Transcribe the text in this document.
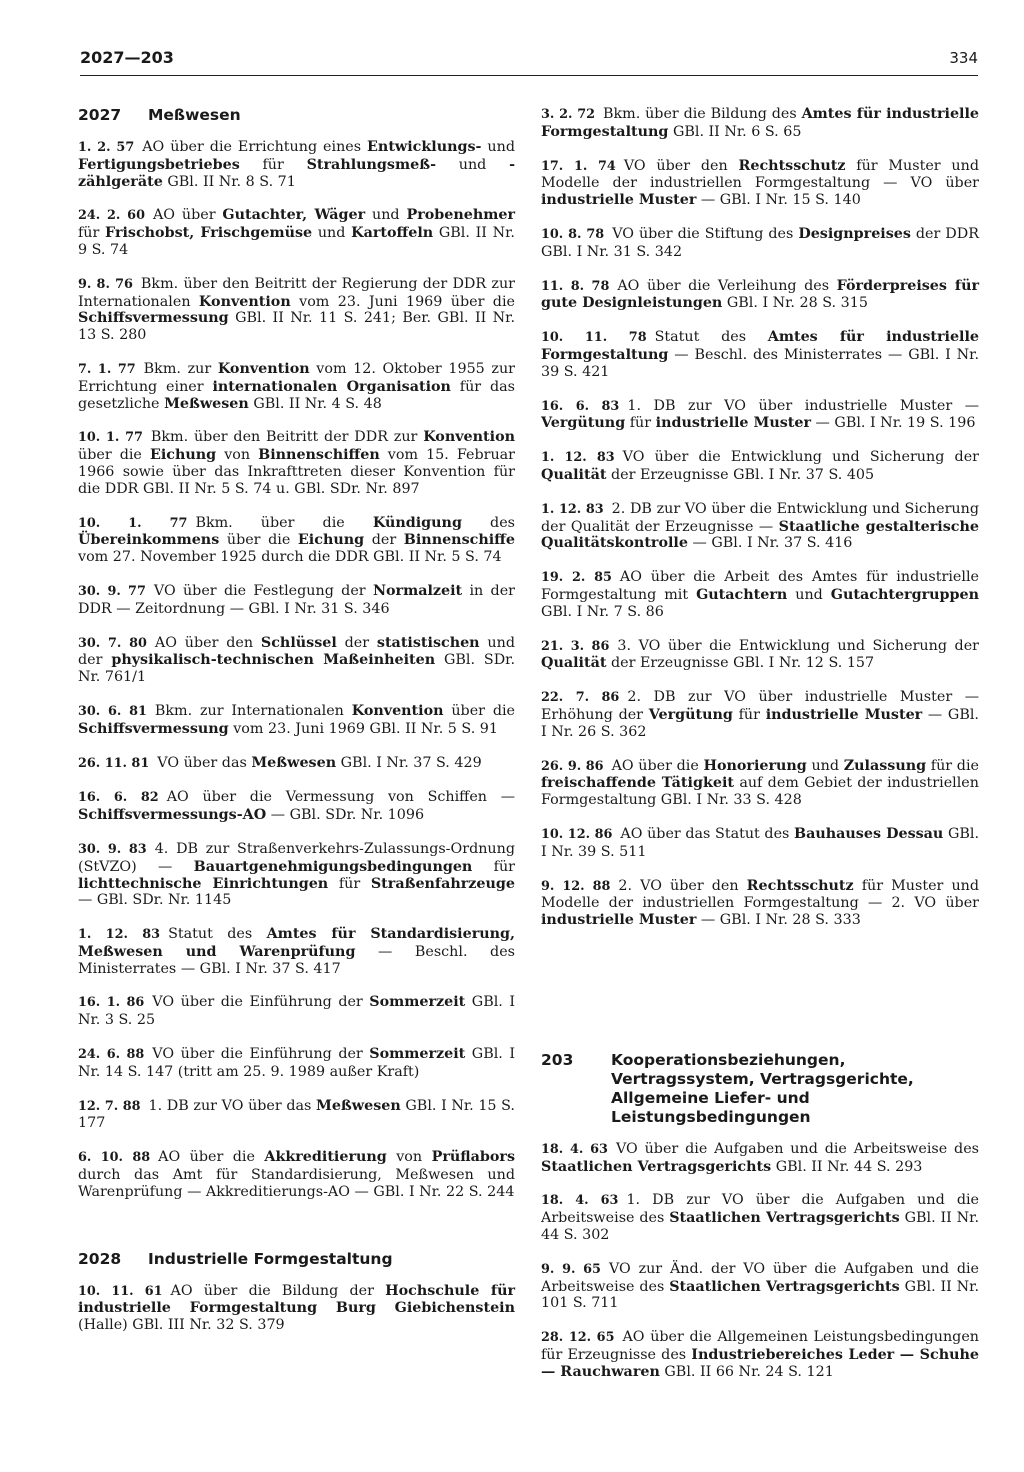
2027—203	334
2027	Meßwesen
1. 2. 57 AO über die Errichtung eines Entwicklungs- und Fertigungsbetriebes für Strahlungsmeß- und -zählgeräte GBl. II Nr. 8 S. 71
24. 2. 60 AO über Gutachter, Wäger und Probenehmer für Frischobst, Frischgemüse und Kartoffeln GBl. II Nr. 9 S. 74
9. 8. 76 Bkm. über den Beitritt der Regierung der DDR zur Internationalen Konvention vom 23. Juni 1969 über die Schiffsvermessung GBl. II Nr. 11 S. 241; Ber. GBl. II Nr. 13 S. 280
7. 1. 77 Bkm. zur Konvention vom 12. Oktober 1955 zur Errichtung einer internationalen Organisation für das gesetzliche Meßwesen GBl. II Nr. 4 S. 48
10. 1. 77 Bkm. über den Beitritt der DDR zur Konvention über die Eichung von Binnenschiffen vom 15. Februar 1966 sowie über das Inkrafttreten dieser Konvention für die DDR GBl. II Nr. 5 S. 74 u. GBl. SDr. Nr. 897
10. 1. 77 Bkm. über die Kündigung des Übereinkommens über die Eichung der Binnenschiffe vom 27. November 1925 durch die DDR GBl. II Nr. 5 S. 74
30. 9. 77 VO über die Festlegung der Normalzeit in der DDR — Zeitordnung — GBl. I Nr. 31 S. 346
30. 7. 80 AO über den Schlüssel der statistischen und der physikalisch-technischen Maßeinheiten GBl. SDr. Nr. 761/1
30. 6. 81 Bkm. zur Internationalen Konvention über die Schiffsvermessung vom 23. Juni 1969 GBl. II Nr. 5 S. 91
26. 11. 81 VO über das Meßwesen GBl. I Nr. 37 S. 429
16. 6. 82 AO über die Vermessung von Schiffen — Schiffsvermessungs-AO — GBl. SDr. Nr. 1096
30. 9. 83 4. DB zur Straßenverkehrs-Zulassungs-Ordnung (StVZO) — Bauartgenehmigungsbedingungen für lichttechnische Einrichtungen für Straßenfahrzeuge — GBl. SDr. Nr. 1145
1. 12. 83 Statut des Amtes für Standardisierung, Meßwesen und Warenprüfung — Beschl. des Ministerrates — GBl. I Nr. 37 S. 417
16. 1. 86 VO über die Einführung der Sommerzeit GBl. I Nr. 3 S. 25
24. 6. 88 VO über die Einführung der Sommerzeit GBl. I Nr. 14 S. 147 (tritt am 25. 9. 1989 außer Kraft)
12. 7. 88 1. DB zur VO über das Meßwesen GBl. I Nr. 15 S. 177
6. 10. 88 AO über die Akkreditierung von Prüflabors durch das Amt für Standardisierung, Meßwesen und Warenprüfung — Akkreditierungs-AO — GBl. I Nr. 22 S. 244
2028	Industrielle Formgestaltung
10. 11. 61 AO über die Bildung der Hochschule für industrielle Formgestaltung Burg Giebichenstein (Halle) GBl. III Nr. 32 S. 379
3. 2. 72 Bkm. über die Bildung des Amtes für industrielle Formgestaltung GBl. II Nr. 6 S. 65
17. 1. 74 VO über den Rechtsschutz für Muster und Modelle der industriellen Formgestaltung — VO über industrielle Muster — GBl. I Nr. 15 S. 140
10. 8. 78 VO über die Stiftung des Designpreises der DDR GBl. I Nr. 31 S. 342
11. 8. 78 AO über die Verleihung des Förderpreises für gute Designleistungen GBl. I Nr. 28 S. 315
10. 11. 78 Statut des Amtes für industrielle Formgestaltung — Beschl. des Ministerrates — GBl. I Nr. 39 S. 421
16. 6. 83 1. DB zur VO über industrielle Muster — Vergütung für industrielle Muster — GBl. I Nr. 19 S. 196
1. 12. 83 VO über die Entwicklung und Sicherung der Qualität der Erzeugnisse GBl. I Nr. 37 S. 405
1. 12. 83 2. DB zur VO über die Entwicklung und Sicherung der Qualität der Erzeugnisse — Staatliche gestalterische Qualitätskontrolle — GBl. I Nr. 37 S. 416
19. 2. 85 AO über die Arbeit des Amtes für industrielle Formgestaltung mit Gutachtern und Gutachtergruppen GBl. I Nr. 7 S. 86
21. 3. 86 3. VO über die Entwicklung und Sicherung der Qualität der Erzeugnisse GBl. I Nr. 12 S. 157
22. 7. 86 2. DB zur VO über industrielle Muster — Erhöhung der Vergütung für industrielle Muster — GBl. I Nr. 26 S. 362
26. 9. 86 AO über die Honorierung und Zulassung für die freischaffende Tätigkeit auf dem Gebiet der industriellen Formgestaltung GBl. I Nr. 33 S. 428
10. 12. 86 AO über das Statut des Bauhauses Dessau GBl. I Nr. 39 S. 511
9. 12. 88 2. VO über den Rechtsschutz für Muster und Modelle der industriellen Formgestaltung — 2. VO über industrielle Muster — GBl. I Nr. 28 S. 333
203	Kooperationsbeziehungen, Vertragssystem, Vertragsgerichte, Allgemeine Liefer- und Leistungsbedingungen
18. 4. 63 VO über die Aufgaben und die Arbeitsweise des Staatlichen Vertragsgerichts GBl. II Nr. 44 S. 293
18. 4. 63 1. DB zur VO über die Aufgaben und die Arbeitsweise des Staatlichen Vertragsgerichts GBl. II Nr. 44 S. 302
9. 9. 65 VO zur Änd. der VO über die Aufgaben und die Arbeitsweise des Staatlichen Vertragsgerichts GBl. II Nr. 101 S. 711
28. 12. 65 AO über die Allgemeinen Leistungsbedingungen für Erzeugnisse des Industriebereiches Leder — Schuhe — Rauchwaren GBl. II 66 Nr. 24 S. 121
